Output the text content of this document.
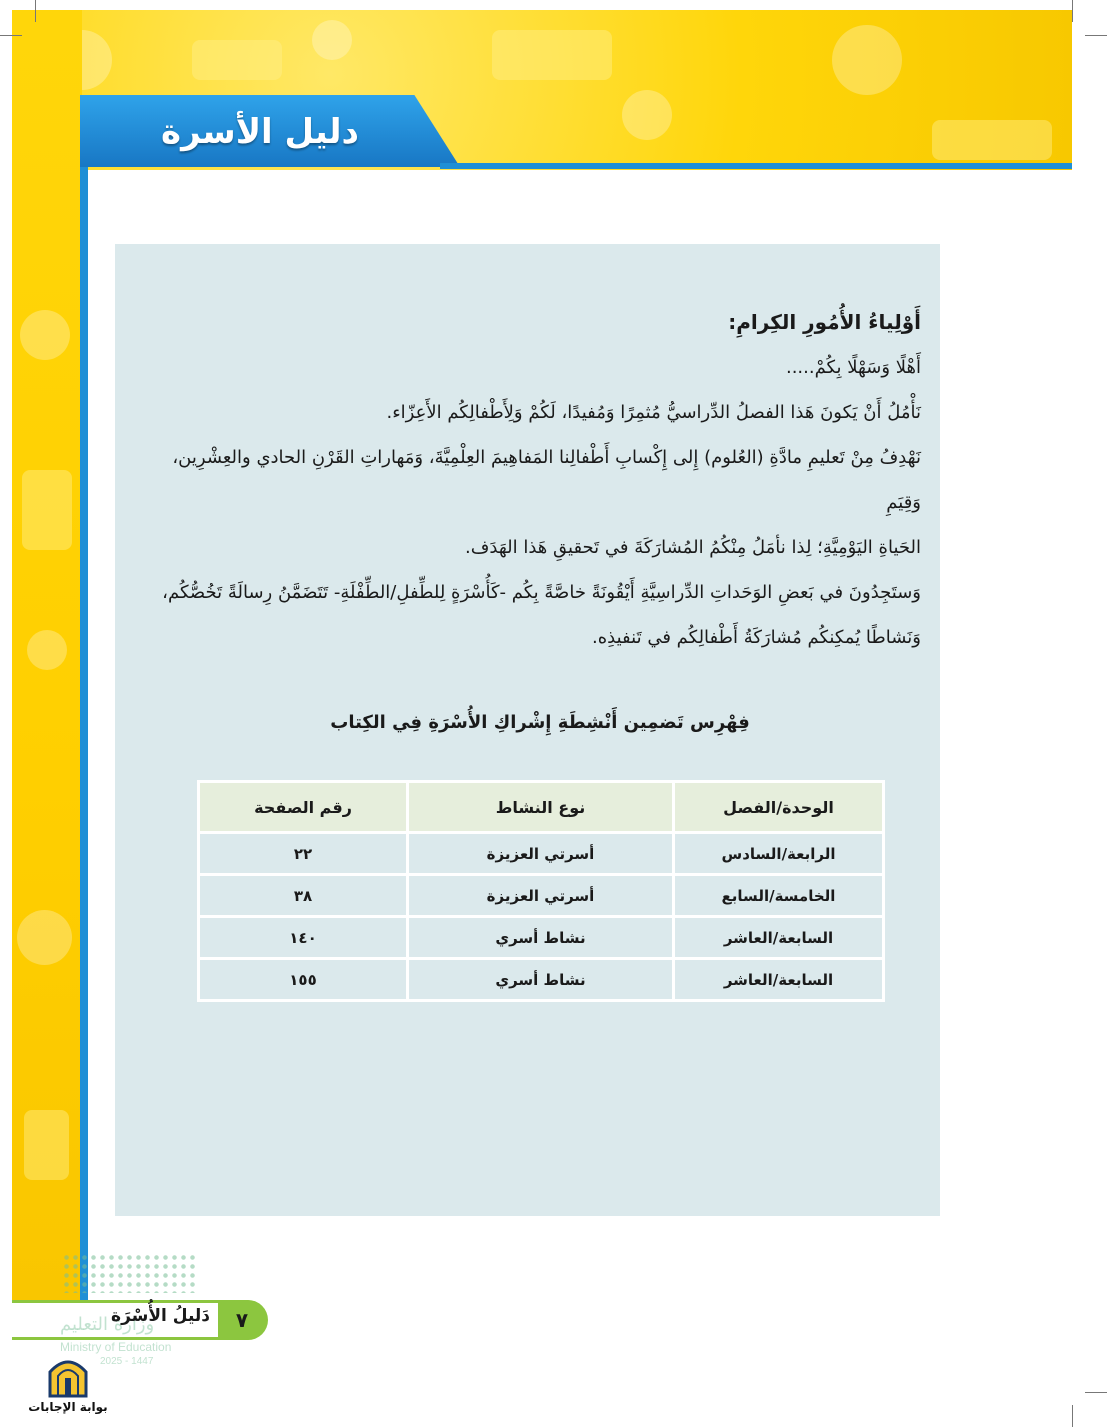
دليل الأسرة

أَوْلِياءُ الأُمُورِ الكِرامِ:

أَهْلًا وَسَهْلًا بِكُمْ.....

نَأْمُلُ أَنْ يَكونَ هَذا الفصلُ الدِّراسيُّ مُثمِرًا وَمُفيدًا، لَكُمْ وَلِأَطْفالِكُم الأَعِزّاء.

نَهْدِفُ مِنْ تَعليمِ مادَّةِ (العُلوم) إِلى إِكْسابِ أَطْفالِنا المَفاهِيمَ العِلْمِيَّةَ، وَمَهاراتِ القَرْنِ الحادي والعِشْرِين، وَقِيَمِ

الحَياةِ اليَوْمِيَّةِ؛ لِذا نأمَلُ مِنْكُمُ المُشارَكَةَ في تَحقيقِ هَذا الهَدَف.

وَستَجِدُونَ في بَعضِ الوَحَداتِ الدِّراسِيَّةِ أَيْقُونَةً خاصَّةً بِكُم -كَأُسْرَةٍ لِلطِّفلِ/الطِّفْلَةِ- تَتَضَمَّنُ رِسالَةً تَخُصُّكُم،

وَنَشاطًا يُمكِنكُم مُشارَكَةُ أَطْفالِكُم في تَنفيذِه.

فِهْرِس تَضمِين أَنْشِطَةِ إِشْراكِ الأُسْرَةِ فِي الكِتاب
الوحدة/الفصل	نوع النشاط	رقم الصفحة
الرابعة/السادس	أسرتي العزيزة	٢٢
الخامسة/السابع	أسرتي العزيزة	٣٨
السابعة/العاشر	نشاط أسري	١٤٠
السابعة/العاشر	نشاط أسري	١٥٥
٧
وزارة التعليم
دَليلُ الأُسْرَة
Ministry of Education
2025 - 1447
بوابة الإجابات
